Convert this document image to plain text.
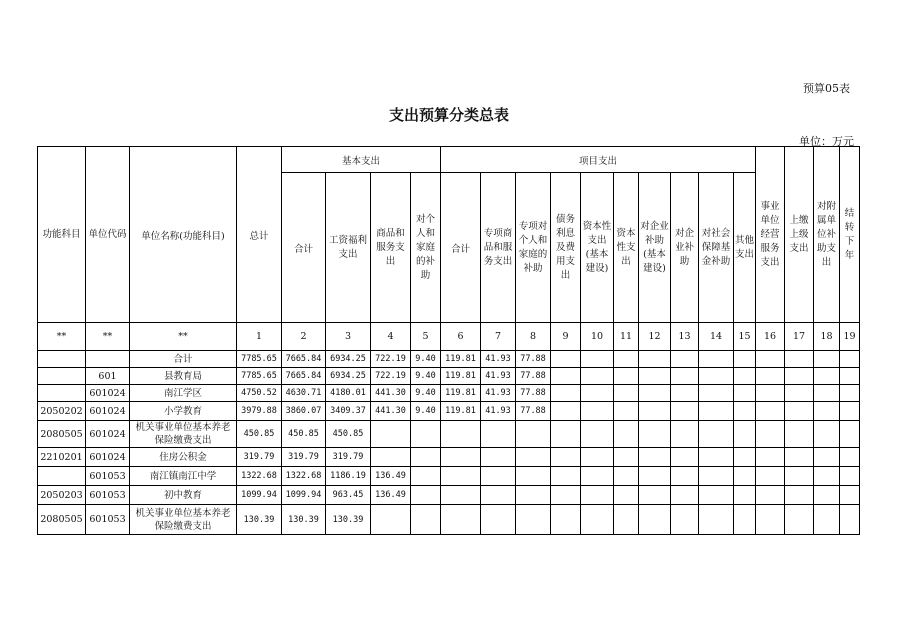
预算05表
支出预算分类总表
单位：万元
功能科目	单位代码	单位名称(功能科目)	总计	基本支出				项目支出										事业单位经营服务支出	上缴上级支出	对附属单位补助支出	结转下年
				合计	工资福利支出	商品和服务支出	对个人和家庭的补助	合计	专项商品和服务支出	专项对个人和家庭的补助	债务利息及费用支出	资本性支出(基本建设)	资本性支出	对企业补助(基本建设)	对企业补助	对社会保障基金补助	其他支出				
**	**	**	1	2	3	4	5	6	7	8	9	10	11	12	13	14	15	16	17	18	19
		合计	7785.65	7665.84	6934.25	722.19	9.40	119.81	41.93	77.88											
	601	县教育局	7785.65	7665.84	6934.25	722.19	9.40	119.81	41.93	77.88											
	601024	南江学区	4750.52	4630.71	4180.01	441.30	9.40	119.81	41.93	77.88											
2050202	601024	小学教育	3979.88	3860.07	3409.37	441.30	9.40	119.81	41.93	77.88											
2080505	601024	机关事业单位基本养老保险缴费支出	450.85	450.85	450.85																
2210201	601024	住房公积金	319.79	319.79	319.79																
	601053	南江镇南江中学	1322.68	1322.68	1186.19	136.49															
2050203	601053	初中教育	1099.94	1099.94	963.45	136.49															
2080505	601053	机关事业单位基本养老保险缴费支出	130.39	130.39	130.39																
